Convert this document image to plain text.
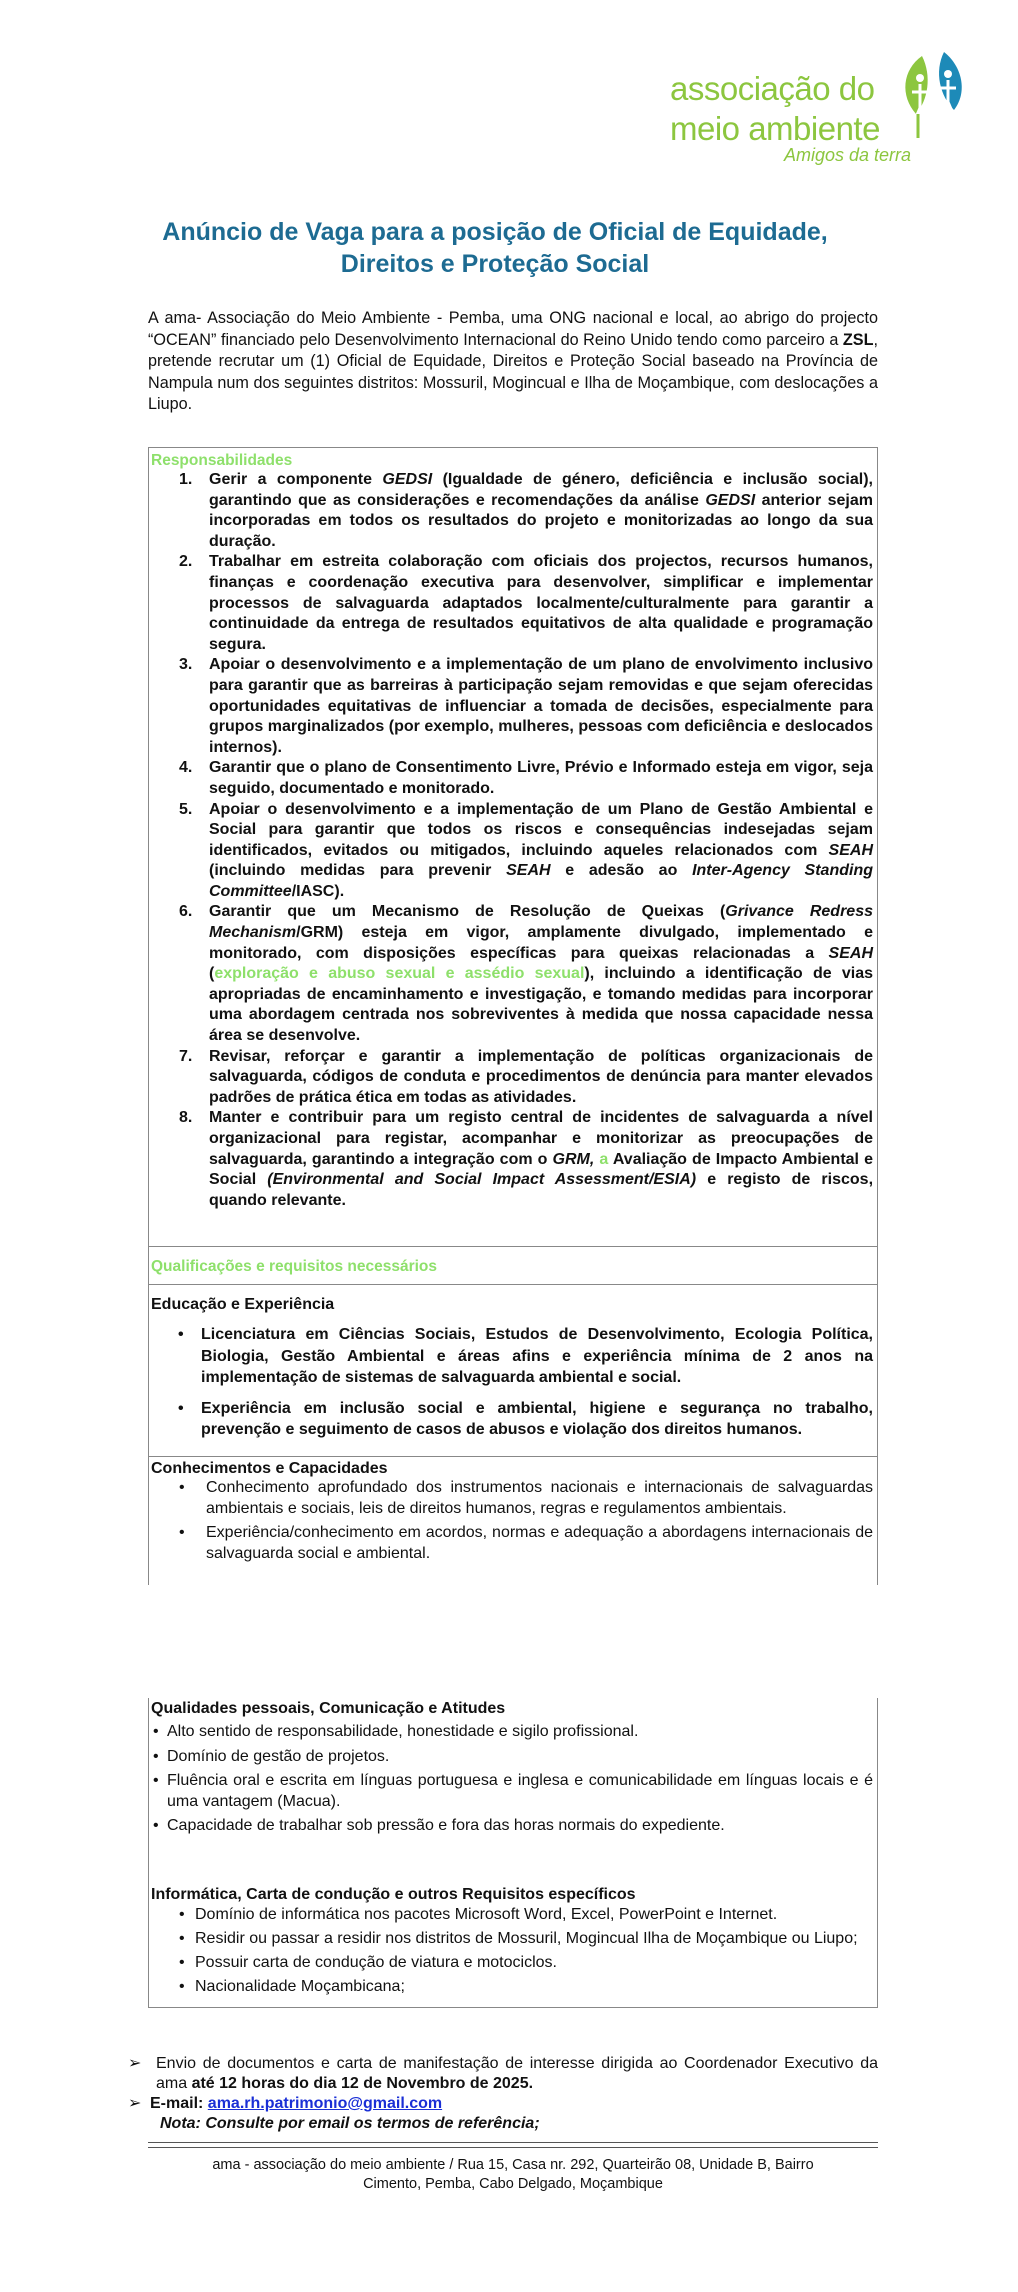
associação do
meio ambiente
Amigos da terra
Anúncio de Vaga para a posição de Oficial de Equidade,
Direitos e Proteção Social
A ama- Associação do Meio Ambiente - Pemba, uma ONG nacional e local, ao abrigo do projecto “OCEAN” financiado pelo Desenvolvimento Internacional do Reino Unido tendo como parceiro a ZSL, pretende recrutar um (1) Oficial de Equidade, Direitos e Proteção Social baseado na Província de Nampula num dos seguintes distritos: Mossuril, Mogincual e Ilha de Moçambique, com deslocações a Liupo.
Responsabilidades
1. Gerir a componente GEDSI (Igualdade de género, deficiência e inclusão social), garantindo que as considerações e recomendações da análise GEDSI anterior sejam incorporadas em todos os resultados do projeto e monitorizadas ao longo da sua duração.
2. Trabalhar em estreita colaboração com oficiais dos projectos, recursos humanos, finanças e coordenação executiva para desenvolver, simplificar e implementar processos de salvaguarda adaptados localmente/culturalmente para garantir a continuidade da entrega de resultados equitativos de alta qualidade e programação segura.
3. Apoiar o desenvolvimento e a implementação de um plano de envolvimento inclusivo para garantir que as barreiras à participação sejam removidas e que sejam oferecidas oportunidades equitativas de influenciar a tomada de decisões, especialmente para grupos marginalizados (por exemplo, mulheres, pessoas com deficiência e deslocados internos).
4. Garantir que o plano de Consentimento Livre, Prévio e Informado esteja em vigor, seja seguido, documentado e monitorado.
5. Apoiar o desenvolvimento e a implementação de um Plano de Gestão Ambiental e Social para garantir que todos os riscos e consequências indesejadas sejam identificados, evitados ou mitigados, incluindo aqueles relacionados com SEAH (incluindo medidas para prevenir SEAH e adesão ao Inter-Agency Standing Committee/IASC).
6. Garantir que um Mecanismo de Resolução de Queixas (Grivance Redress Mechanism/GRM) esteja em vigor, amplamente divulgado, implementado e monitorado, com disposições específicas para queixas relacionadas a SEAH (exploração e abuso sexual e assédio sexual), incluindo a identificação de vias apropriadas de encaminhamento e investigação, e tomando medidas para incorporar uma abordagem centrada nos sobreviventes à medida que nossa capacidade nessa área se desenvolve.
7. Revisar, reforçar e garantir a implementação de políticas organizacionais de salvaguarda, códigos de conduta e procedimentos de denúncia para manter elevados padrões de prática ética em todas as atividades.
8. Manter e contribuir para um registo central de incidentes de salvaguarda a nível organizacional para registar, acompanhar e monitorizar as preocupações de salvaguarda, garantindo a integração com o GRM, a Avaliação de Impacto Ambiental e Social (Environmental and Social Impact Assessment/ESIA) e registo de riscos, quando relevante.
Qualificações e requisitos necessários
Educação e Experiência
• Licenciatura em Ciências Sociais, Estudos de Desenvolvimento, Ecologia Política, Biologia, Gestão Ambiental e áreas afins e experiência mínima de 2 anos na implementação de sistemas de salvaguarda ambiental e social.
• Experiência em inclusão social e ambiental, higiene e segurança no trabalho, prevenção e seguimento de casos de abusos e violação dos direitos humanos.
Conhecimentos e Capacidades
• Conhecimento aprofundado dos instrumentos nacionais e internacionais de salvaguardas ambientais e sociais, leis de direitos humanos, regras e regulamentos ambientais.
• Experiência/conhecimento em acordos, normas e adequação a abordagens internacionais de salvaguarda social e ambiental.
Qualidades pessoais, Comunicação e Atitudes
• Alto sentido de responsabilidade, honestidade e sigilo profissional.
• Domínio de gestão de projetos.
• Fluência oral e escrita em línguas portuguesa e inglesa e comunicabilidade em línguas locais e é uma vantagem (Macua).
• Capacidade de trabalhar sob pressão e fora das horas normais do expediente.
Informática, Carta de condução e outros Requisitos específicos
• Domínio de informática nos pacotes Microsoft Word, Excel, PowerPoint e Internet.
• Residir ou passar a residir nos distritos de Mossuril, Mogincual Ilha de Moçambique ou Liupo;
• Possuir carta de condução de viatura e motociclos.
• Nacionalidade Moçambicana;
➢ Envio de documentos e carta de manifestação de interesse dirigida ao Coordenador Executivo da ama até 12 horas do dia 12 de Novembro de 2025.
➢ E-mail: ama.rh.patrimonio@gmail.com
Nota: Consulte por email os termos de referência;
ama - associação do meio ambiente / Rua 15, Casa nr. 292, Quarteirão 08, Unidade B, Bairro
Cimento, Pemba, Cabo Delgado, Moçambique
